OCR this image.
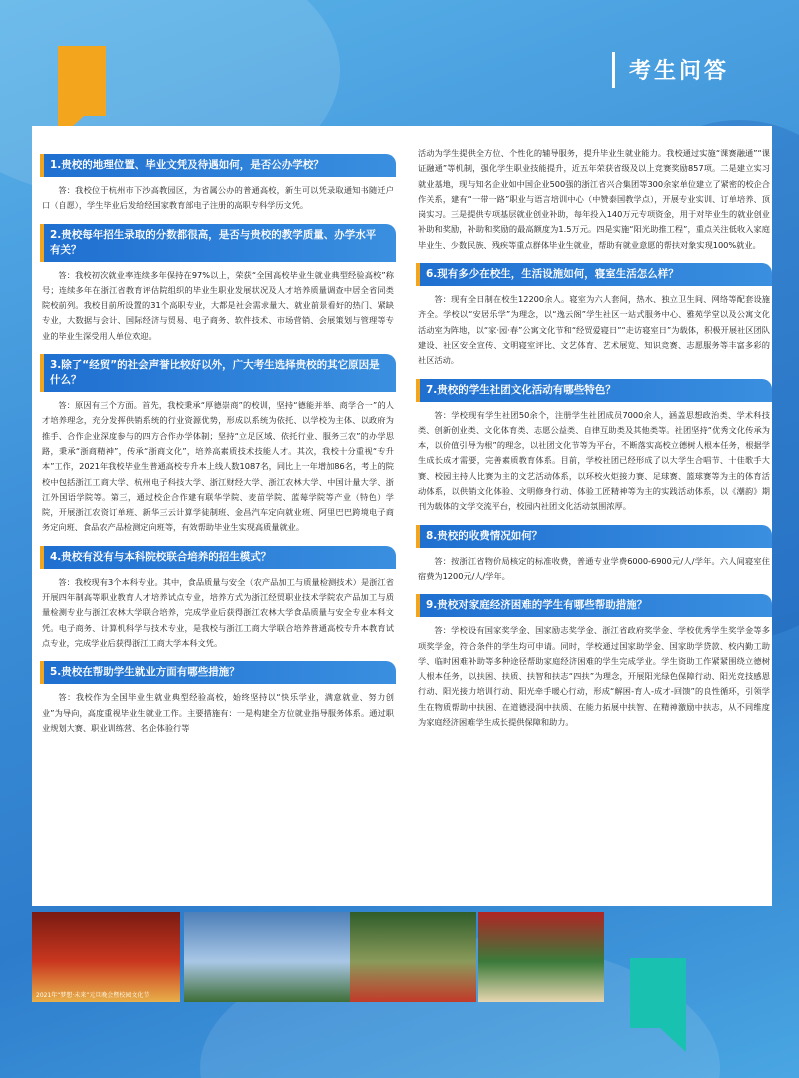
考生问答
1.贵校的地理位置、毕业文凭及待遇如何，是否公办学校？

答：我校位于杭州市下沙高教园区，为省属公办的普通高校，新生可以凭录取通知书随迁户口（自愿），学生毕业后发给经国家教育部电子注册的高职专科学历文凭。

2.贵校每年招生录取的分数都很高，是否与贵校的教学质量、办学水平有关？

答：我校初次就业率连续多年保持在97%以上，荣获“全国高校毕业生就业典型经验高校”称号；连续多年在浙江省教育评估院组织的毕业生职业发展状况及人才培养质量调查中居全省同类院校前列。我校目前所设置的31个高职专业，大都是社会需求量大、就业前景看好的热门、紧缺专业，大数据与会计、国际经济与贸易、电子商务、软件技术、市场营销、会展策划与管理等专业的毕业生深受用人单位欢迎。

3.除了“经贸”的社会声誉比较好以外，广大考生选择贵校的其它原因是什么？

答：原因有三个方面。首先，我校秉承“厚德崇商”的校训，坚持“德能并举、商学合一”的人才培养理念，充分发挥供销系统的行业资源优势，形成以系统为依托、以学校为主体、以政府为推手、合作企业深度参与的四方合作办学体制；坚持“立足区域、依托行业、服务三农”的办学思路，秉承“浙商精神”，传承“浙商文化”，培养高素质技术技能人才。其次，我校十分重视“专升本”工作，2021年我校毕业生普通高校专升本上线人数1087名，同比上一年增加86名，考上的院校中包括浙江工商大学、杭州电子科技大学、浙江财经大学、浙江农林大学、中国计量大学、浙江外国语学院等。第三，通过校企合作建有联华学院、麦苗学院、蓝莓学院等产业（特色）学院，开展浙江农资订单班、新华三云计算学徒制班、金昌汽车定向就业班、阿里巴巴跨境电子商务定向班、食品农产品检测定向班等，有效帮助毕业生实现高质量就业。

4.贵校有没有与本科院校联合培养的招生模式？

答：我校现有3个本科专业。其中，食品质量与安全（农产品加工与质量检测技术）是浙江省开展四年制高等职业教育人才培养试点专业，培养方式为浙江经贸职业技术学院农产品加工与质量检测专业与浙江农林大学联合培养，完成学业后获得浙江农林大学食品质量与安全专业本科文凭。电子商务、计算机科学与技术专业，是我校与浙江工商大学联合培养普通高校专升本教育试点专业，完成学业后获得浙江工商大学本科文凭。

5.贵校在帮助学生就业方面有哪些措施？

答：我校作为全国毕业生就业典型经验高校，始终坚持以“快乐学业，满意就业、努力创业”为导向，高度重视毕业生就业工作。主要措施有：一是构建全方位就业指导服务体系。通过职业规划大赛、职业训练营、名企体验行等

活动为学生提供全方位、个性化的辅导服务，提升毕业生就业能力。我校通过实施“课赛融通”“课证融通”等机制，强化学生职业技能提升，近五年荣获省级及以上竞赛奖励857项。二是建立实习就业基地，现与知名企业如中国企业500强的浙江省兴合集团等300余家单位建立了紧密的校企合作关系，建有“一带一路”职业与语言培训中心（中赞泰国教学点），开展专业实训、订单培养、顶岗实习。三是提供专项基层就业创业补助，每年投入140万元专项资金，用于对毕业生的就业创业补助和奖励，补助和奖励的最高额度为1.5万元。四是实施“阳光助推工程”，重点关注低收入家庭毕业生、少数民族、残疾等重点群体毕业生就业，帮助有就业意愿的帮扶对象实现100%就业。

6.现有多少在校生，生活设施如何，寝室生活怎么样？

答：现有全日制在校生12200余人。寝室为六人套间，热水、独立卫生间、网络等配套设施齐全。学校以“安居乐学”为理念，以“逸云阁”学生社区一站式服务中心、雅苑学堂以及公寓文化活动室为阵地，以“家·园·春”公寓文化节和“经贸爱寝日”“走访寝室日”为载体，积极开展社区团队建设、社区安全宣传、文明寝室评比、文艺体育、艺术展览、知识竞赛、志愿服务等丰富多彩的社区活动。

7.贵校的学生社团文化活动有哪些特色？

答：学校现有学生社团50余个，注册学生社团成员7000余人，涵盖思想政治类、学术科技类、创新创业类、文化体育类、志愿公益类、自律互助类及其他类等。社团坚持“优秀文化传承为本，以价值引导为根”的理念，以社团文化节等为平台，不断落实高校立德树人根本任务，根据学生成长成才需要，完善素质教育体系。目前，学校社团已经形成了以大学生合唱节、十佳歌手大赛、校园主持人比赛为主的文艺活动体系，以环校火炬接力赛、足球赛、篮球赛等为主的体育活动体系，以供销文化体验、文明修身行动、体验工匠精神等为主的实践活动体系，以《潮韵》期刊为载体的文学交流平台，校园内社团文化活动氛围浓厚。

8.贵校的收费情况如何？

答：按浙江省物价局核定的标准收费，普通专业学费6000-6900元/人/学年。六人间寝室住宿费为1200元/人/学年。

9.贵校对家庭经济困难的学生有哪些帮助措施？

答：学校设有国家奖学金、国家励志奖学金、浙江省政府奖学金、学校优秀学生奖学金等多项奖学金，符合条件的学生均可申请。同时，学校通过国家助学金、国家助学贷款、校内勤工助学、临时困难补助等多种途径帮助家庭经济困难的学生完成学业。学生资助工作紧紧围绕立德树人根本任务，以扶困、扶质、扶智和扶志“四扶”为理念，开展阳光绿色保障行动、阳光竞技感恩行动、阳光接力培训行动、阳光牵手暖心行动，形成“解困-育人-成才-回馈”的良性循环，引领学生在物质帮助中扶困、在道德浸润中扶质、在能力拓展中扶智、在精神激励中扶志，从不同维度为家庭经济困难学生成长提供保障和助力。

2021年“梦想·未来”元旦晚会暨校园文化节
